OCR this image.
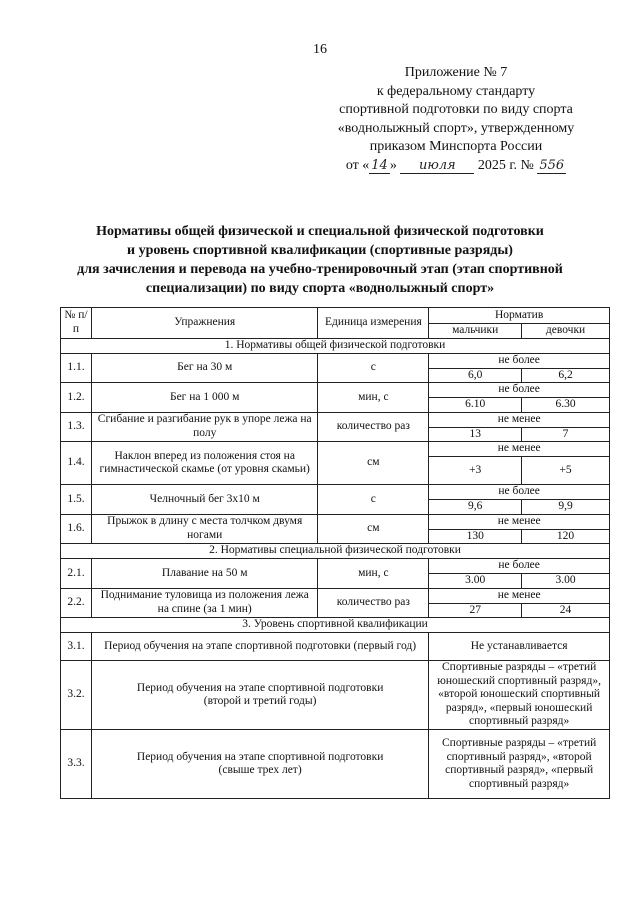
16
Приложение № 7
к федеральному стандарту
спортивной подготовки по виду спорта
«воднолыжный спорт», утвержденному
приказом Минспорта России
от « 14 » июля 2025 г. № 556
Нормативы общей физической и специальной физической подготовки
и уровень спортивной квалификации (спортивные разряды)
для зачисления и перевода на учебно-тренировочный этап (этап спортивной
специализации) по виду спорта «воднолыжный спорт»
№ п/п	Упражнения	Единица измерения	Норматив	
			мальчики	девочки
1. Нормативы общей физической подготовки				
1.1.	Бег на 30 м	с	не более	
			6,0	6,2
1.2.	Бег на 1 000 м	мин, с	не более	
			6.10	6.30
1.3.	Сгибание и разгибание рук в упоре лежа на полу	количество раз	не менее	
			13	7
1.4.	Наклон вперед из положения стоя на гимнастической скамье (от уровня скамьи)	см	не менее	
			+3	+5
1.5.	Челночный бег 3х10 м	с	не более	
			9,6	9,9
1.6.	Прыжок в длину с места толчком двумя ногами	см	не менее	
			130	120
2. Нормативы специальной физической подготовки				
2.1.	Плавание на 50 м	мин, с	не более	
			3.00	3.00
2.2.	Поднимание туловища из положения лежа на спине (за 1 мин)	количество раз	не менее	
			27	24
3. Уровень спортивной квалификации				
3.1.	Период обучения на этапе спортивной подготовки (первый год)		Не устанавливается	
3.2.	Период обучения на этапе спортивной подготовки (второй и третий годы)		Спортивные разряды – «третий юношеский спортивный разряд», «второй юношеский спортивный разряд», «первый юношеский спортивный разряд»	
3.3.	Период обучения на этапе спортивной подготовки (свыше трех лет)		Спортивные разряды – «третий спортивный разряд», «второй спортивный разряд», «первый спортивный разряд»	
